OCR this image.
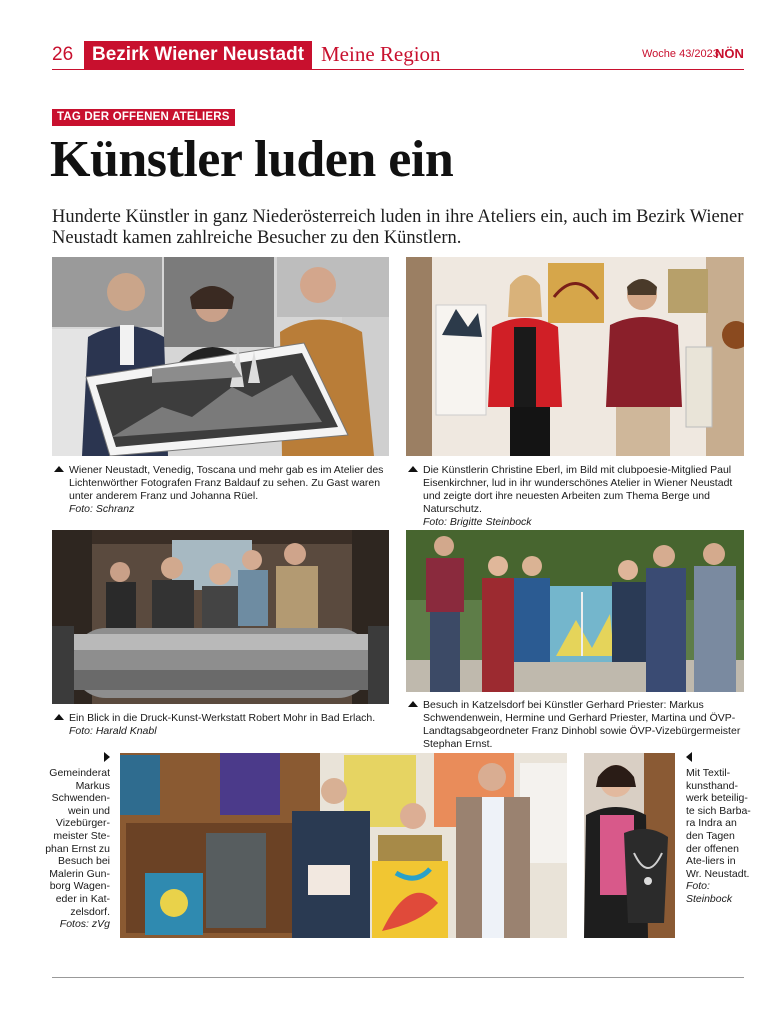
26 Bezirk Wiener Neustadt Meine Region	Woche 43/2023
NÖN
TAG DER OFFENEN ATELIERS
Künstler luden ein
Hunderte Künstler in ganz Niederösterreich luden in ihre Ateliers ein, auch im Bezirk Wiener Neustadt kamen zahlreiche Besucher zu den Künstlern.
Wiener Neustadt, Venedig, Toscana und mehr gab es im Atelier des Lichtenwörther Fotografen Franz Baldauf zu sehen. Zu Gast waren unter anderem Franz und Johanna Rüel.
Foto: Schranz
Die Künstlerin Christine Eberl, im Bild mit clubpoesie-Mitglied Paul Eisenkirchner, lud in ihr wunderschönes Atelier in Wiener Neustadt und zeigte dort ihre neuesten Arbeiten zum Thema Berge und Naturschutz.
Foto: Brigitte Steinbock
Ein Blick in die Druck-Kunst-Werkstatt Robert Mohr in Bad Erlach.
Foto: Harald Knabl
Besuch in Katzelsdorf bei Künstler Gerhard Priester: Markus Schwendenwein, Hermine und Gerhard Priester, Martina und ÖVP-Landtagsabgeordneter Franz Dinhobl sowie ÖVP-Vizebürgermeister Stephan Ernst.
Gemeinderat Markus Schwenden-wein und Vizebürger-meister Ste-phan Ernst zu Besuch bei Malerin Gun-borg Wagen-eder in Kat-zelsdorf.
Fotos: zVg
Mit Textil-kunsthand-werk beteilig-te sich Barba-ra Indra an den Tagen der offenen Ate-liers in Wr. Neustadt.
Foto: Steinbock
